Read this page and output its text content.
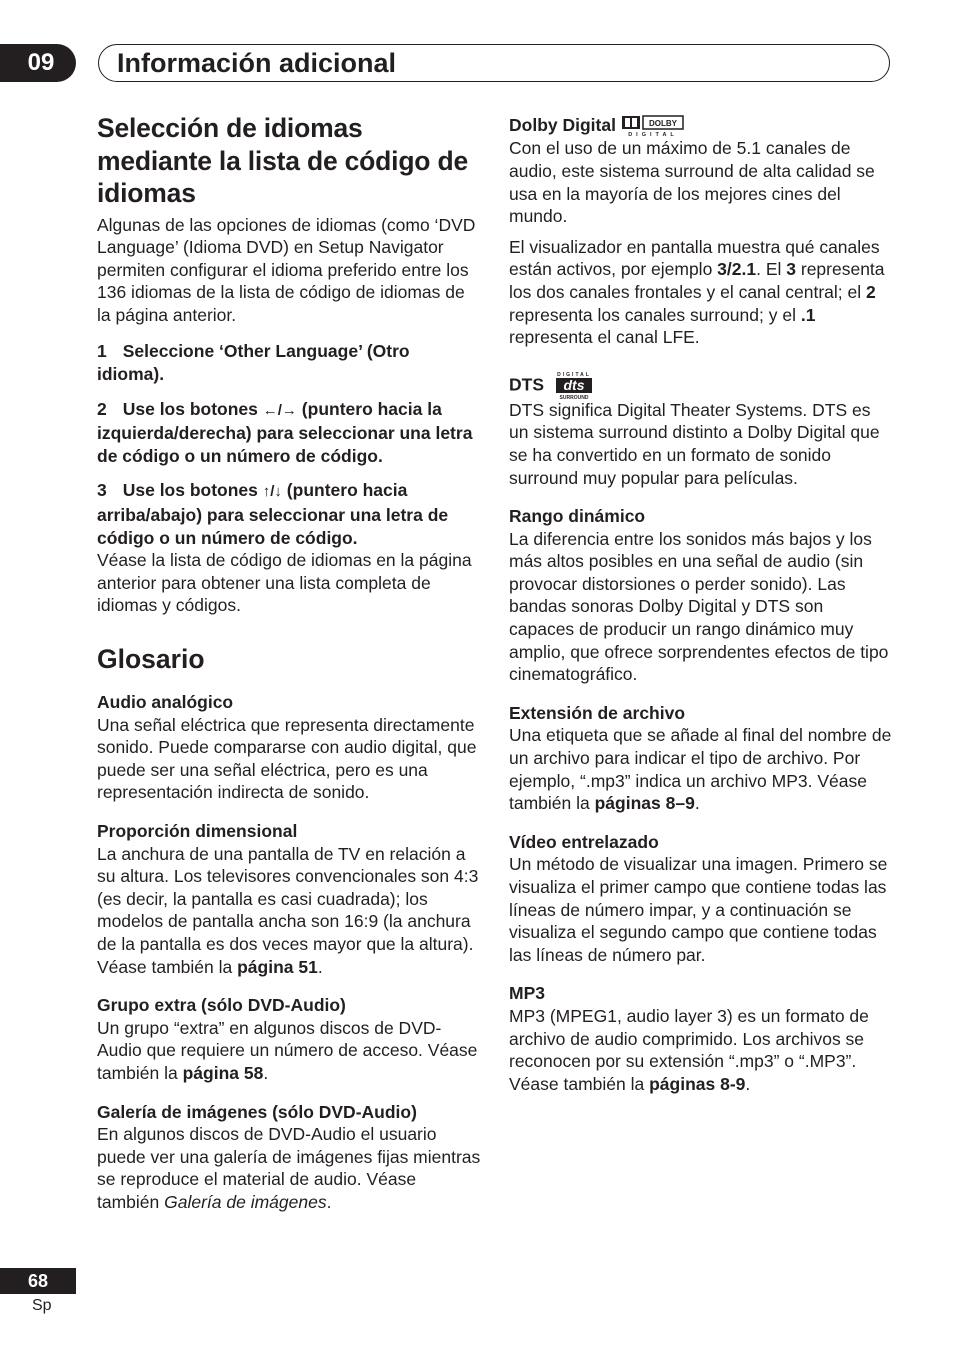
09	Información adicional
Selección de idiomas mediante la lista de código de idiomas

Algunas de las opciones de idiomas (como ‘DVD Language’ (Idioma DVD) en Setup Navigator permiten configurar el idioma preferido entre los 136 idiomas de la lista de código de idiomas de la página anterior.

1 Seleccione ‘Other Language’ (Otro idioma).

2 Use los botones ←/→ (puntero hacia la izquierda/derecha) para seleccionar una letra de código o un número de código.

3 Use los botones ↑/↓ (puntero hacia arriba/abajo) para seleccionar una letra de código o un número de código.

Véase la lista de código de idiomas en la página anterior para obtener una lista completa de idiomas y códigos.

Glosario

Audio analógico

Una señal eléctrica que representa directamente sonido. Puede compararse con audio digital, que puede ser una señal eléctrica, pero es una representación indirecta de sonido.

Proporción dimensional

La anchura de una pantalla de TV en relación a su altura. Los televisores convencionales son 4:3 (es decir, la pantalla es casi cuadrada); los modelos de pantalla ancha son 16:9 (la anchura de la pantalla es dos veces mayor que la altura). Véase también la página 51.

Grupo extra (sólo DVD-Audio)

Un grupo “extra” en algunos discos de DVD-Audio que requiere un número de acceso. Véase también la página 58.

Galería de imágenes (sólo DVD-Audio)

En algunos discos de DVD-Audio el usuario puede ver una galería de imágenes fijas mientras se reproduce el material de audio. Véase también Galería de imágenes.

Dolby Digital	DOLBY
DIGITAL

Con el uso de un máximo de 5.1 canales de audio, este sistema surround de alta calidad se usa en la mayoría de los mejores cines del mundo.

El visualizador en pantalla muestra qué canales están activos, por ejemplo 3/2.1. El 3 representa los dos canales frontales y el canal central; el 2 representa los canales surround; y el .1 representa el canal LFE.

DTS	DIGITAL
dts
SURROUND

DTS significa Digital Theater Systems. DTS es un sistema surround distinto a Dolby Digital que se ha convertido en un formato de sonido surround muy popular para películas.

Rango dinámico

La diferencia entre los sonidos más bajos y los más altos posibles en una señal de audio (sin provocar distorsiones o perder sonido). Las bandas sonoras Dolby Digital y DTS son capaces de producir un rango dinámico muy amplio, que ofrece sorprendentes efectos de tipo cinematográfico.

Extensión de archivo

Una etiqueta que se añade al final del nombre de un archivo para indicar el tipo de archivo. Por ejemplo, “.mp3” indica un archivo MP3. Véase también la páginas 8–9.

Vídeo entrelazado

Un método de visualizar una imagen. Primero se visualiza el primer campo que contiene todas las líneas de número impar, y a continuación se visualiza el segundo campo que contiene todas las líneas de número par.

MP3

MP3 (MPEG1, audio layer 3) es un formato de archivo de audio comprimido. Los archivos se reconocen por su extensión “.mp3” o “.MP3”. Véase también la páginas 8-9.

68
Sp
